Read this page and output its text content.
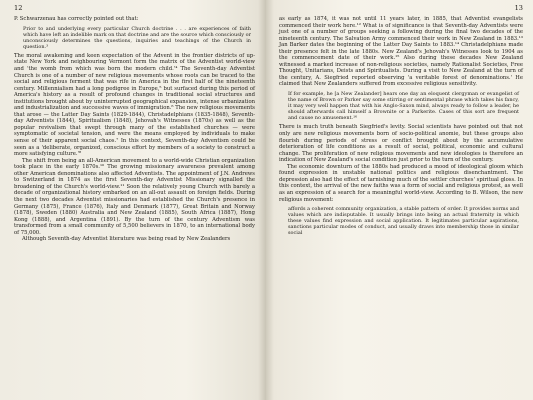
12

P. Schwarzenau has correctly pointed out that:

Prior to and underlying every particular Church doctrine . . . are experiences of faith which have left an indelible mark on that doctrine and are the source which consciously or unconsciously determines the questions, inquiries and teachings of the Church in question.³

The moral awakening and keen expectation of the Advent in the frontier districts of up-state New York and neighbouring Vermont form the matrix of the Adventist world-view and 'the womb from which was born the modern child.'⁴ The Seventh-day Adventist Church is one of a number of new religious movements whose roots can be traced to the social and religious ferment that was rife in America in the first half of the nineteenth century. Millennialism had a long pedigree in Europe,⁵ but surfaced during this period of America's history as a result of profound changes in traditional social structures and institutions brought about by uninterrupted geographical expansion, intense urbanization and industrialization and successive waves of immigration.⁶ The new religious movements that arose — the Latter Day Saints (1829-1844), Christadelphians (1835-1848), Seventh-day Adventists (1844), Spiritualism (1848), Jehovah's Witnesses (1870s) as well as the popular revivalism that swept through many of the established churches — were symptomatic of societal tension, and were the means employed by individuals to make sense of their apparent social chaos.⁷ In this context, Seventh-day Adventism could be seen as a 'deliberate, organized, conscious effort by members of a society to construct a more satisfying culture.'⁸

The shift from being an all-American movement to a world-wide Christian organization took place in the early 1870s.¹⁰ The growing missionary awareness prevalent among other American denominations also affected Adventists. The appointment of J.N. Andrews to Switzerland in 1874 as the first Seventh-day Adventist Missionary signalled the broadening of the Church's world-view.¹¹ Soon the relatively young Church with barely a decade of organizational history embarked on an all-out assault on foreign fields. During the next two decades Adventist missionaries had established the Church's presence in Germany (1875), France (1876), Italy and Denmark (1877), Great Britain and Norway (1878), Sweden (1880) Australia and New Zealand (1885), South Africa (1887), Hong Kong (1888), and Argentina (1891). By the turn of the century Adventism was transformed from a small community of 5,500 believers in 1870, to an international body of 75,000.

Although Seventh-day Adventist literature was being read by New Zealanders

13

as early as 1874, it was not until 11 years later, in 1885, that Adventist evangelists commenced their work here.¹² What is of significance is that Seventh-day Adventists were just one of a number of groups seeking a following during the final two decades of the nineteenth century. The Salvation Army commenced their work in New Zealand in 1883.¹³ Jan Barker dates the beginning of the Latter Day Saints to 1883.¹⁴ Christadelphians made their presence felt in the late 1880s. New Zealand's Jehovah's Witnesses look to 1904 as the commencement date of their work.¹⁵ Also during these decades New Zealand witnessed a marked increase of non-religious societies, namely Rationalist Societies, Free Thought, Unitarians, Deists and Spiritualists. During a visit to New Zealand at the turn of the century, A. Siegfried reported observing 'a veritable forest of denominations.' He claimed that New Zealanders suffered from excessive religious sensitivity.

If for example, he [a New Zealander] hears one day an eloquent clergyman or evangelist of the name of Brown or Parker say some stirring or sentimental phrase which takes his fancy, it may very well happen that with his Anglo-Saxon mind, always ready to follow a leader, he should afterwards call himself a Brownite or a Parkerite. Cases of this sort are frequent and cause no amusement.¹⁶

There is much truth beneath Siegfried's levity. Social scientists have pointed out that not only are new religious movements born of socio-political anomie, but these groups also flourish during periods of stress or conflict brought about by the accumulative deterioration of life conditions as a result of social, political, economic and cultural change. The proliferation of new religious movements and new ideologies is therefore an indication of New Zealand's social condition just prior to the turn of the century.

The economic downturn of the 1880s had produced a mood of ideological gloom which found expression in unstable national politics and religious disenchantment. The depression also had the effect of tarnishing much of the settler churches' spiritual gloss. In this context, the arrival of the new faiths was a form of social and religious protest, as well as an expression of a search for a meaningful world-view. According to B. Wilson, the new religious movement:

affords a coherent community organization, a stable pattern of order. It provides norms and values which are indisputable. It usually brings into being an actual fraternity in which these values find expression and social application. It legitimates particular aspirations, sanctions particular modes of conduct, and usually draws into membership those in similar social
